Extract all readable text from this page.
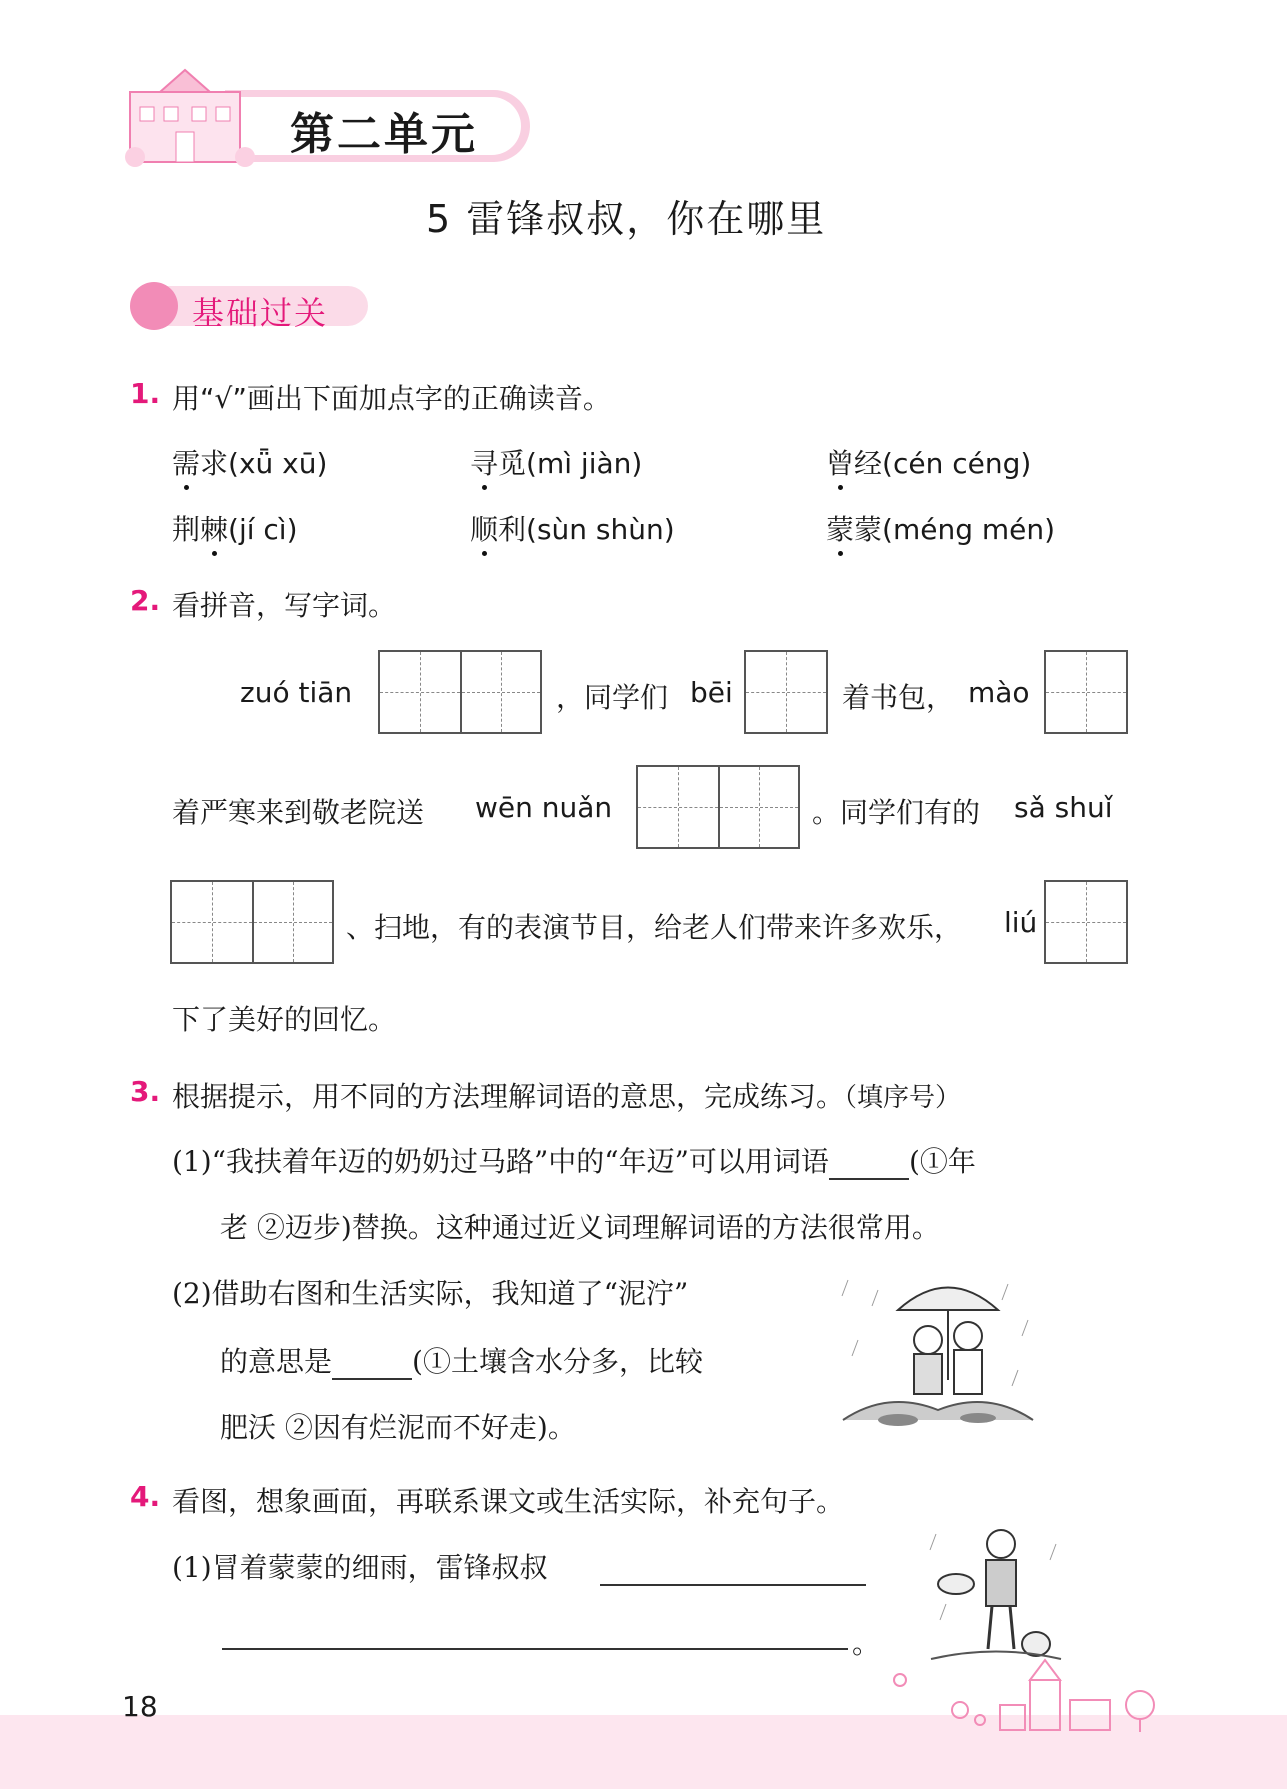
第二单元
5 雷锋叔叔，你在哪里
基础过关
1. 用“√”画出下面加点字的正确读音。
需求(xǖ xū)	寻觅(mì jiàn)	曾经(cén céng)
荆棘(jí cì)	顺利(sùn shùn)	蒙蒙(méng mén)
2. 看拼音，写字词。
zuó tiān	，同学们 bēi	着书包， mào
着严寒来到敬老院送 wēn nuǎn	。同学们有的 sǎ shuǐ
、扫地，有的表演节目，给老人们带来许多欢乐， liú
下了美好的回忆。
3. 根据提示，用不同的方法理解词语的意思，完成练习。（填序号）
(1)“我扶着年迈的奶奶过马路”中的“年迈”可以用词语	(①年
老 ②迈步)替换。这种通过近义词理解词语的方法很常用。
(2)借助右图和生活实际，我知道了“泥泞”
的意思是	(①土壤含水分多，比较
肥沃 ②因有烂泥而不好走)。
4. 看图，想象画面，再联系课文或生活实际，补充句子。
(1)冒着蒙蒙的细雨，雷锋叔叔
。
18
